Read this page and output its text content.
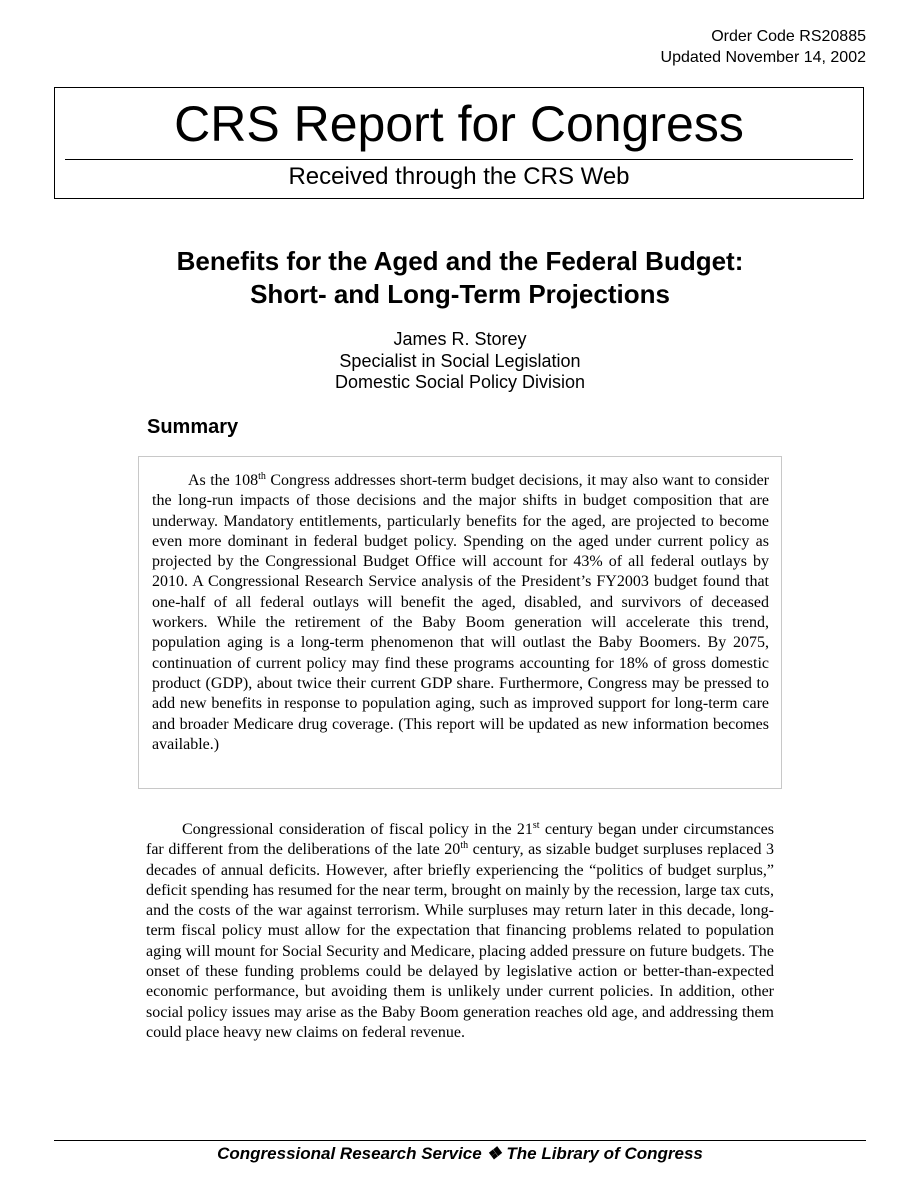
Order Code RS20885
Updated November 14, 2002
CRS Report for Congress
Received through the CRS Web
Benefits for the Aged and the Federal Budget:
Short- and Long-Term Projections
James R. Storey
Specialist in Social Legislation
Domestic Social Policy Division
Summary

As the 108th Congress addresses short-term budget decisions, it may also want to consider the long-run impacts of those decisions and the major shifts in budget composition that are underway. Mandatory entitlements, particularly benefits for the aged, are projected to become even more dominant in federal budget policy. Spending on the aged under current policy as projected by the Congressional Budget Office will account for 43% of all federal outlays by 2010. A Congressional Research Service analysis of the President’s FY2003 budget found that one-half of all federal outlays will benefit the aged, disabled, and survivors of deceased workers. While the retirement of the Baby Boom generation will accelerate this trend, population aging is a long-term phenomenon that will outlast the Baby Boomers. By 2075, continuation of current policy may find these programs accounting for 18% of gross domestic product (GDP), about twice their current GDP share. Furthermore, Congress may be pressed to add new benefits in response to population aging, such as improved support for long-term care and broader Medicare drug coverage. (This report will be updated as new information becomes available.)

Congressional consideration of fiscal policy in the 21st century began under circumstances far different from the deliberations of the late 20th century, as sizable budget surpluses replaced 3 decades of annual deficits. However, after briefly experiencing the “politics of budget surplus,” deficit spending has resumed for the near term, brought on mainly by the recession, large tax cuts, and the costs of the war against terrorism. While surpluses may return later in this decade, long-term fiscal policy must allow for the expectation that financing problems related to population aging will mount for Social Security and Medicare, placing added pressure on future budgets. The onset of these funding problems could be delayed by legislative action or better-than-expected economic performance, but avoiding them is unlikely under current policies. In addition, other social policy issues may arise as the Baby Boom generation reaches old age, and addressing them could place heavy new claims on federal revenue.

Congressional Research Service ❖ The Library of Congress
